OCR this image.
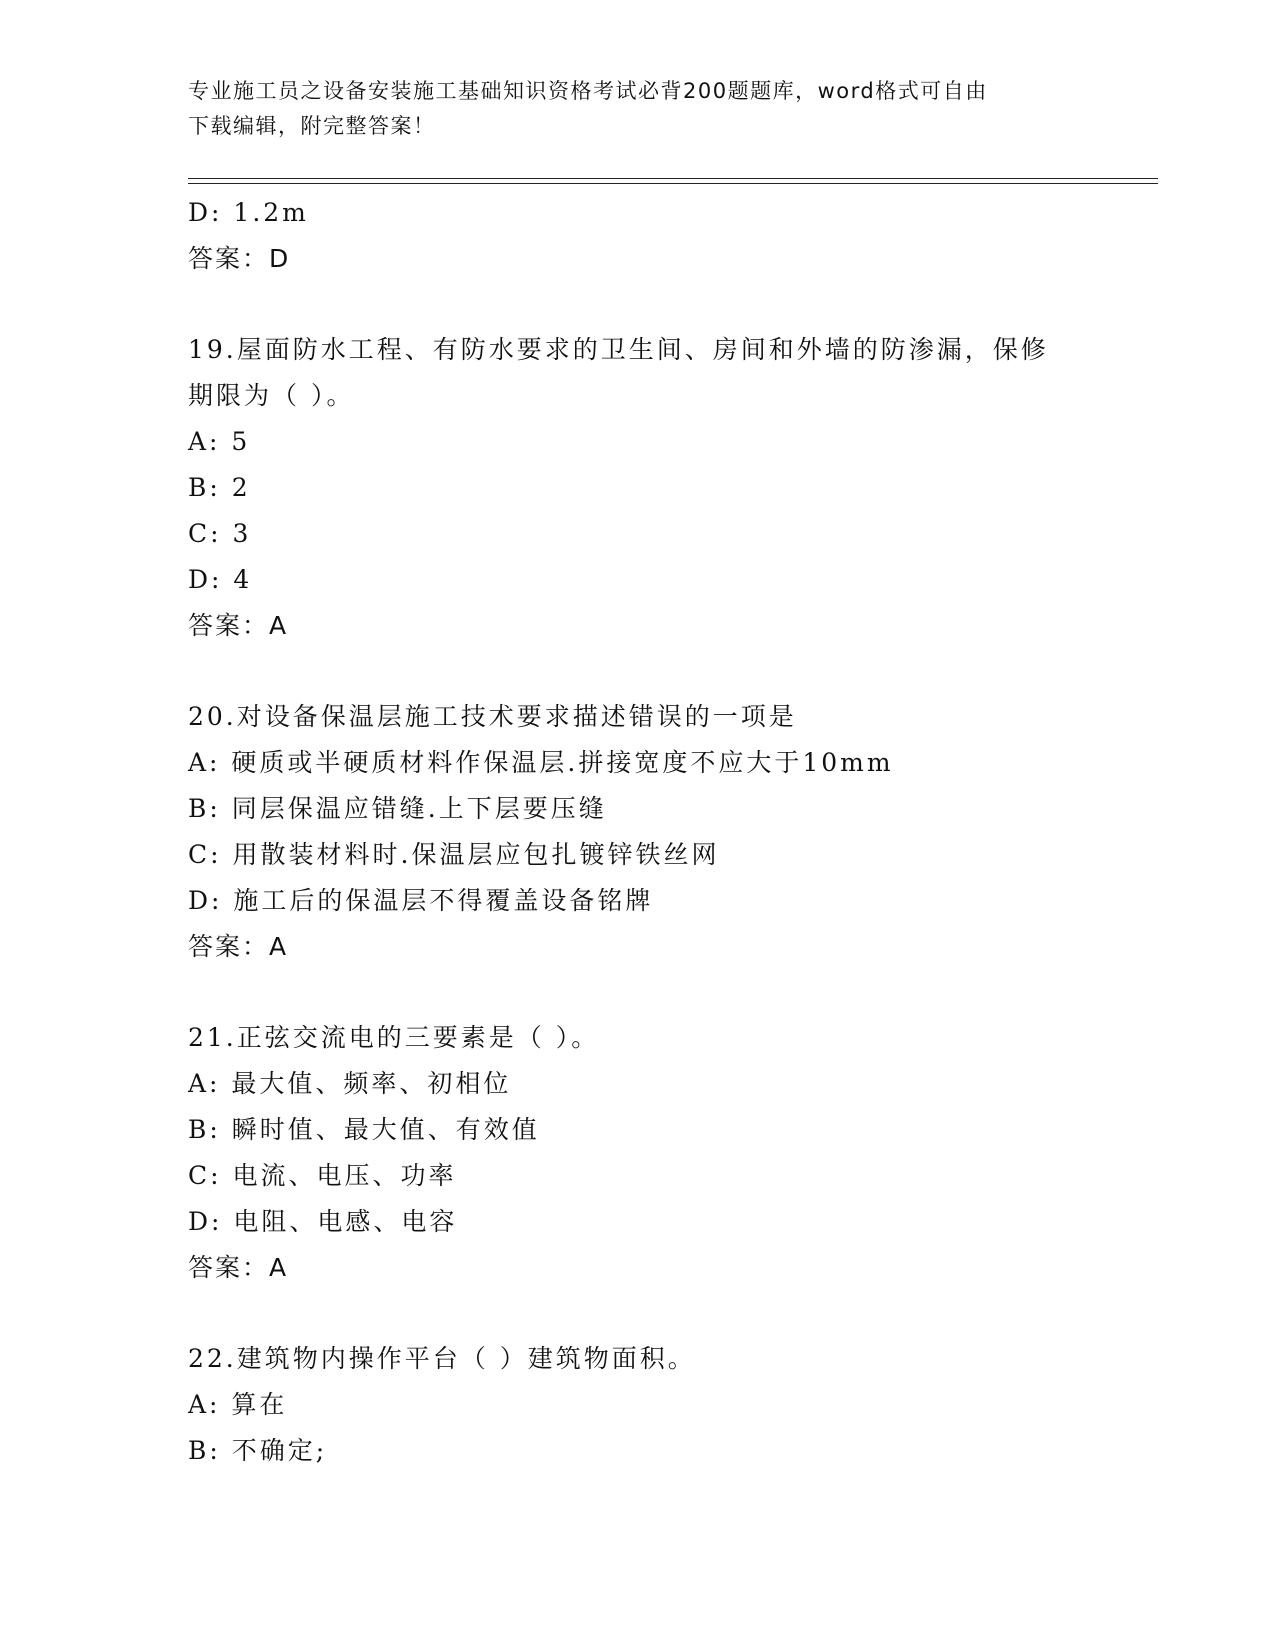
专业施工员之设备安装施工基础知识资格考试必背200题题库，word格式可自由
下载编辑，附完整答案！
D: 1.2m
答案：D
19.屋面防水工程、有防水要求的卫生间、房间和外墙的防渗漏，保修
期限为（ ）。
A: 5
B: 2
C: 3
D: 4
答案：A
20.对设备保温层施工技术要求描述错误的一项是
A: 硬质或半硬质材料作保温层.拼接宽度不应大于10mm
B: 同层保温应错缝.上下层要压缝
C: 用散装材料时.保温层应包扎镀锌铁丝网
D: 施工后的保温层不得覆盖设备铭牌
答案：A
21.正弦交流电的三要素是（ ）。
A: 最大值、频率、初相位
B: 瞬时值、最大值、有效值
C: 电流、电压、功率
D: 电阻、电感、电容
答案：A
22.建筑物内操作平台（ ）建筑物面积。
A: 算在
B: 不确定;
